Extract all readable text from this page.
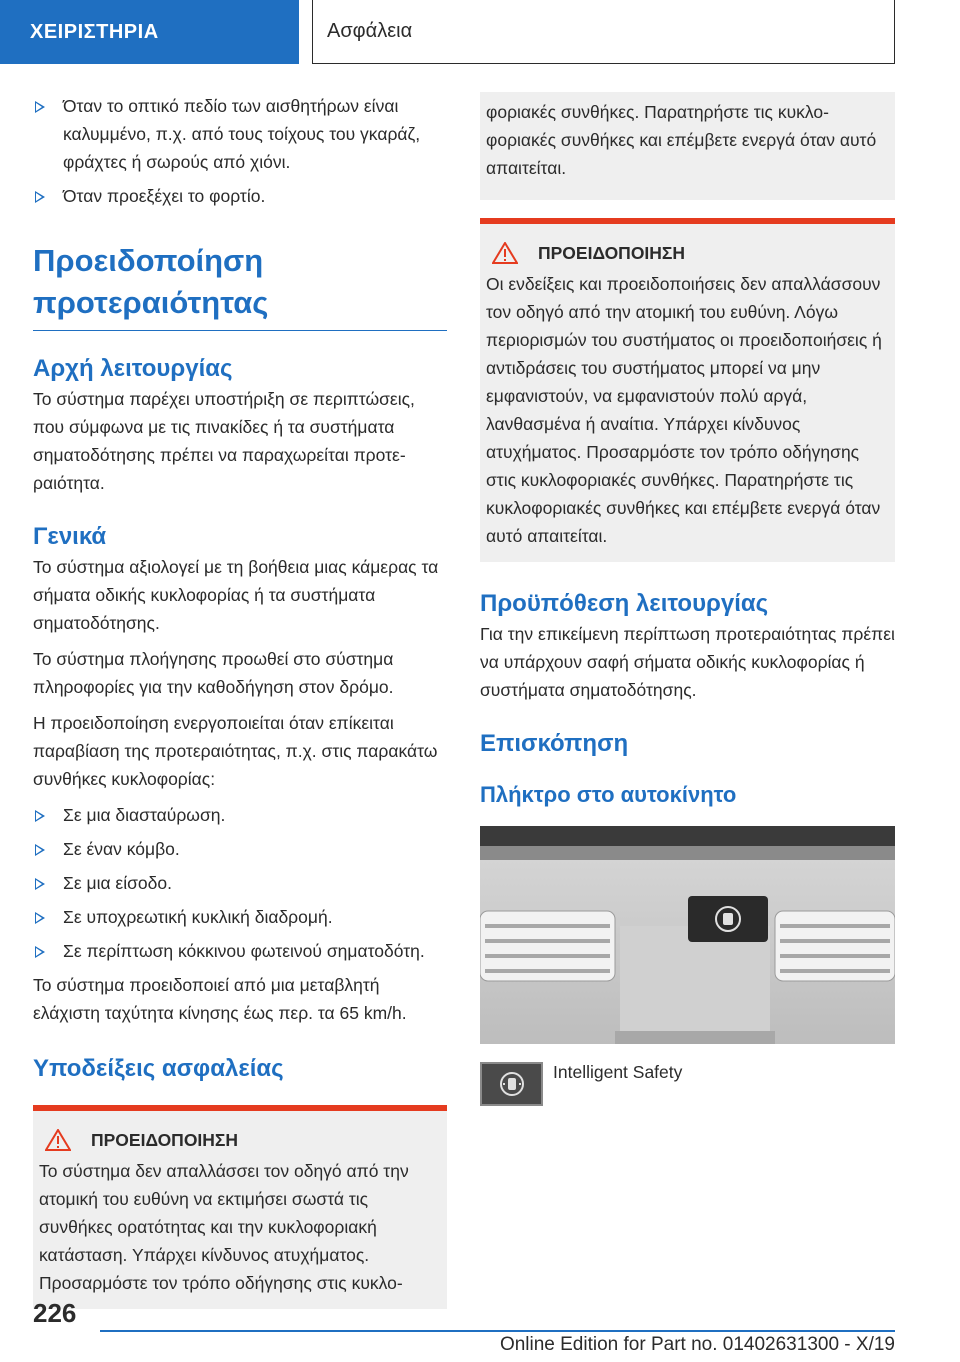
ΧΕΙΡΙΣΤΗΡΙΑ	Ασφάλεια
Όταν το οπτικό πεδίο των αισθητήρων είναι καλυμμένο, π.χ. από τους τοίχους του γκαράζ, φράχτες ή σωρούς από χιόνι.
Όταν προεξέχει το φορτίο.
Προειδοποίηση προτεραιότητας
Αρχή λειτουργίας

Το σύστημα παρέχει υποστήριξη σε περιπτώσεις, που σύμφωνα με τις πινακίδες ή τα συστήματα σηματοδότησης πρέπει να παραχωρείται προτεραιότητα.

Γενικά

Το σύστημα αξιολογεί με τη βοήθεια μιας κάμερας τα σήματα οδικής κυκλοφορίας ή τα συστήματα σηματοδότησης.

Το σύστημα πλοήγησης προωθεί στο σύστημα πληροφορίες για την καθοδήγηση στον δρόμο.

Η προειδοποίηση ενεργοποιείται όταν επίκειται παραβίαση της προτεραιότητας, π.χ. στις παρακάτω συνθήκες κυκλοφορίας:

Σε μια διασταύρωση.
Σε έναν κόμβο.
Σε μια είσοδο.
Σε υποχρεωτική κυκλική διαδρομή.
Σε περίπτωση κόκκινου φωτεινού σηματοδότη.

Το σύστημα προειδοποιεί από μια μεταβλητή ελάχιστη ταχύτητα κίνησης έως περ. τα 65 km/h.

Υποδείξεις ασφαλείας
ΠΡΟΕΙΔΟΠΟΙΗΣΗ

Το σύστημα δεν απαλλάσσει τον οδηγό από την ατομική του ευθύνη να εκτιμήσει σωστά τις συνθήκες ορατότητας και την κυκλοφοριακή κατάσταση. Υπάρχει κίνδυνος ατυχήματος. Προσαρμόστε τον τρόπο οδήγησης στις κυκλο-

φοριακές συνθήκες. Παρατηρήστε τις κυκλοφοριακές συνθήκες και επέμβετε ενεργά όταν αυτό απαιτείται.

ΠΡΟΕΙΔΟΠΟΙΗΣΗ

Οι ενδείξεις και προειδοποιήσεις δεν απαλλάσσουν τον οδηγό από την ατομική του ευθύνη. Λόγω περιορισμών του συστήματος οι προειδοποιήσεις ή αντιδράσεις του συστήματος μπορεί να μην εμφανιστούν, να εμφανιστούν πολύ αργά, λανθασμένα ή αναίτια. Υπάρχει κίνδυνος ατυχήματος. Προσαρμόστε τον τρόπο οδήγησης στις κυκλοφοριακές συνθήκες. Παρατηρήστε τις κυκλοφοριακές συνθήκες και επέμβετε ενεργά όταν αυτό απαιτείται.

Προϋπόθεση λειτουργίας

Για την επικείμενη περίπτωση προτεραιότητας πρέπει να υπάρχουν σαφή σήματα οδικής κυκλοφορίας ή συστήματα σηματοδότησης.

Επισκόπηση
Πλήκτρο στο αυτοκίνητο

Intelligent Safety

226
Online Edition for Part no. 01402631300 - X/19
